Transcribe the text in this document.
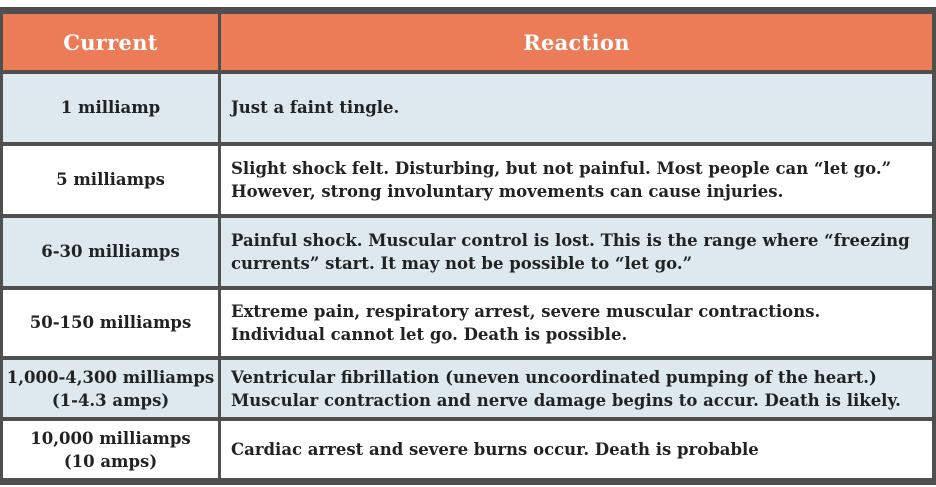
Current	Reaction

1 milliamp	Just a faint tingle.

5 milliamps	Slight shock felt. Disturbing, but not painful. Most people can “let go.”
However, strong involuntary movements can cause injuries.

6-30 milliamps	Painful shock. Muscular control is lost. This is the range where “freezing
currents” start. It may not be possible to “let go.”

50-150 milliamps	Extreme pain, respiratory arrest, severe muscular contractions.
Individual cannot let go. Death is possible.

1,000-4,300 milliamps
(1-4.3 amps)	Ventricular fibrillation (uneven uncoordinated pumping of the heart.)
Muscular contraction and nerve damage begins to accur. Death is likely.

10,000 milliamps
(10 amps)	Cardiac arrest and severe burns occur. Death is probable
